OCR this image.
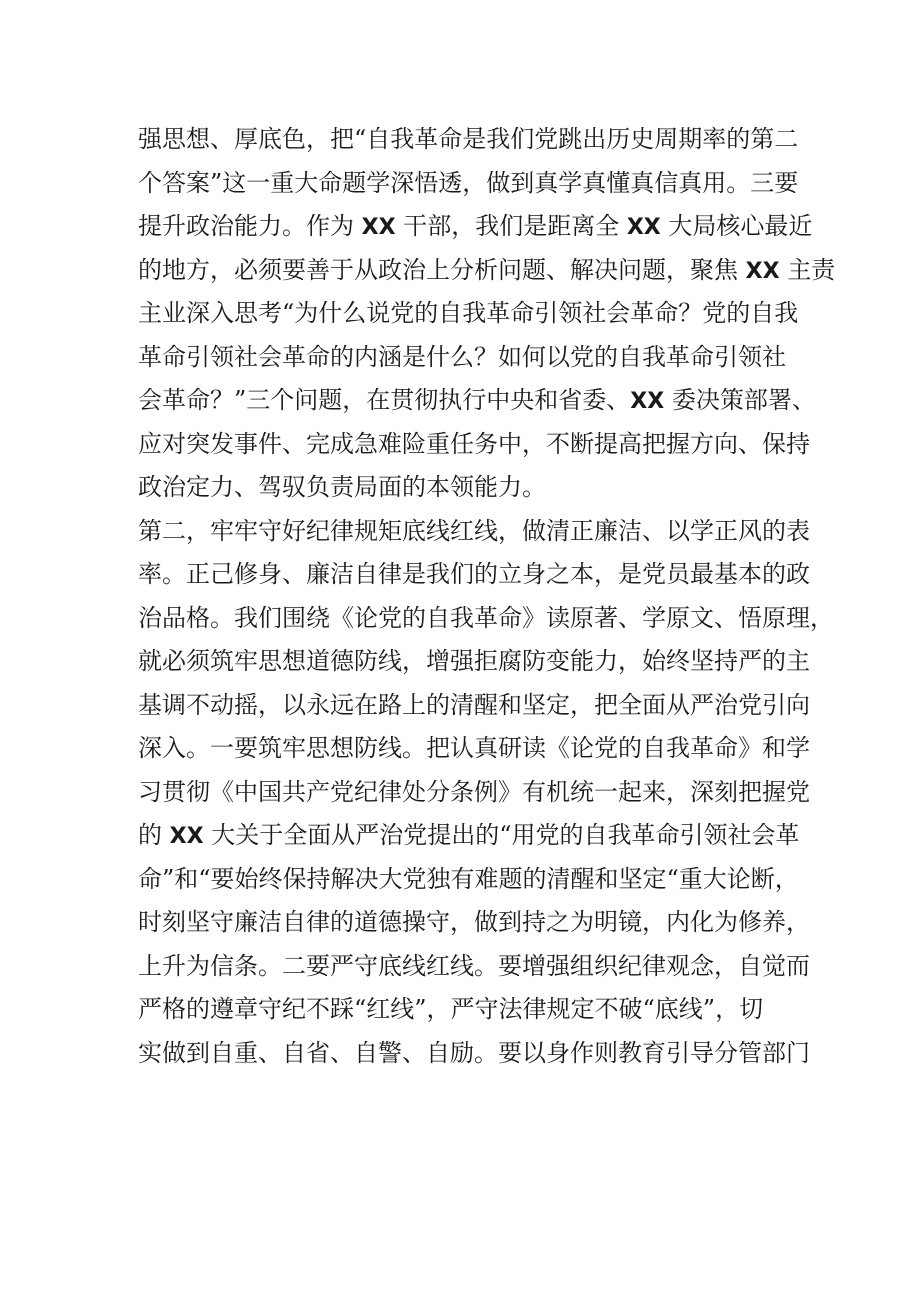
强思想、厚底色，把“自我革命是我们党跳出历史周期率的第二
个答案”这一重大命题学深悟透，做到真学真懂真信真用。三要
提升政治能力。作为 XX 干部，我们是距离全 XX 大局核心最近
的地方，必须要善于从政治上分析问题、解决问题，聚焦 XX 主责
主业深入思考“为什么说党的自我革命引领社会革命？党的自我
革命引领社会革命的内涵是什么？如何以党的自我革命引领社
会革命？”三个问题，在贯彻执行中央和省委、XX 委决策部署、
应对突发事件、完成急难险重任务中，不断提高把握方向、保持
政治定力、驾驭负责局面的本领能力。
第二，牢牢守好纪律规矩底线红线，做清正廉洁、以学正风的表
率。正己修身、廉洁自律是我们的立身之本，是党员最基本的政
治品格。我们围绕《论党的自我革命》读原著、学原文、悟原理，
就必须筑牢思想道德防线，增强拒腐防变能力，始终坚持严的主
基调不动摇，以永远在路上的清醒和坚定，把全面从严治党引向
深入。一要筑牢思想防线。把认真研读《论党的自我革命》和学
习贯彻《中国共产党纪律处分条例》有机统一起来，深刻把握党
的 XX 大关于全面从严治党提出的“用党的自我革命引领社会革
命”和“要始终保持解决大党独有难题的清醒和坚定“重大论断，
时刻坚守廉洁自律的道德操守，做到持之为明镜，内化为修养，
上升为信条。二要严守底线红线。要增强组织纪律观念，自觉而
严格的遵章守纪不踩“红线”，严守法律规定不破“底线”，切
实做到自重、自省、自警、自励。要以身作则教育引导分管部门
